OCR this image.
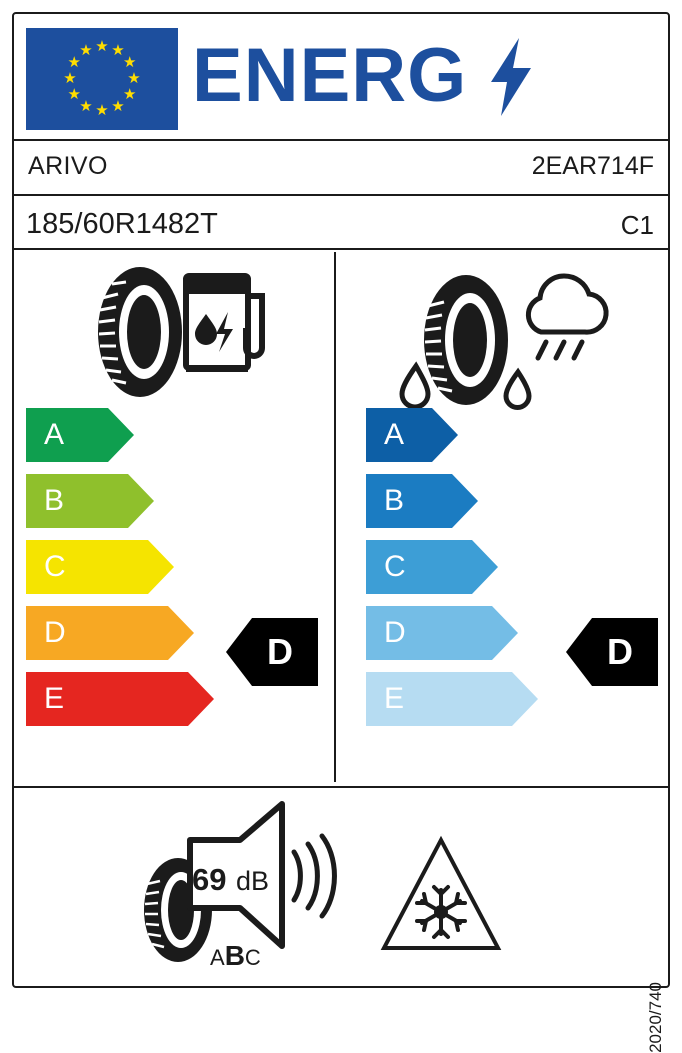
★ ★
★
★
★
★
★
★
★
★
★
★ ENERG
ARIVO	2EAR714F
185/60R1482T	C1
A
B
C
D
E
D
A
B
C
D
E
D
69 dB
ABC
2020/740
